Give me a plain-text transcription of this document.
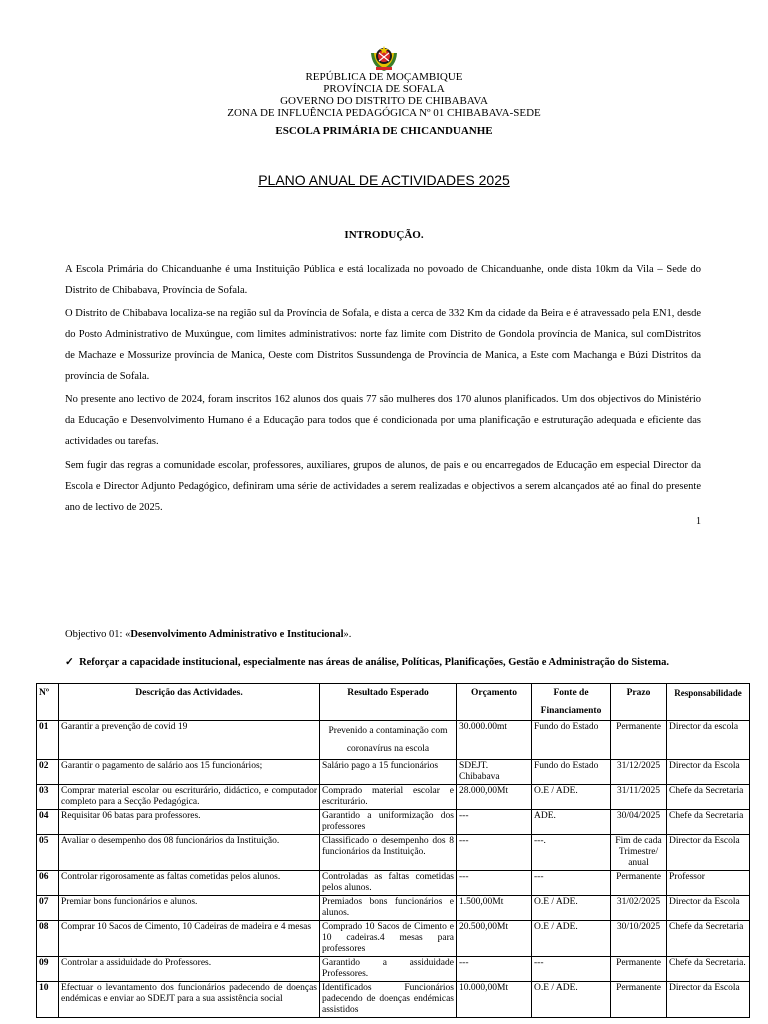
REPÚBLICA DE MOÇAMBIQUE
PROVÍNCIA DE SOFALA
GOVERNO DO DISTRITO DE CHIBABAVA
ZONA DE INFLUÊNCIA PEDAGÓGICA Nº 01 CHIBABAVA-SEDE
ESCOLA PRIMÁRIA DE CHICANDUANHE
PLANO ANUAL DE ACTIVIDADES 2025
INTRODUÇÃO.
A Escola Primária do Chicanduanhe é uma Instituição Pública e está localizada no povoado de Chicanduanhe, onde dista 10km da Vila – Sede do Distrito de Chibabava, Província de Sofala.
O Distrito de Chibabava localiza-se na região sul da Província de Sofala, e dista a cerca de 332 Km da cidade da Beira e é atravessado pela EN1, desde do Posto Administrativo de Muxúngue, com limites administrativos: norte faz limite com Distrito de Gondola província de Manica, sul comDistritos de Machaze e Mossurize província de Manica, Oeste com Distritos Sussundenga de Província de Manica, a Este com Machanga e Búzi Distritos da província de Sofala.
No presente ano lectivo de 2024, foram inscritos 162 alunos dos quais 77 são mulheres dos 170 alunos planificados. Um dos objectivos do Ministério da Educação e Desenvolvimento Humano é a Educação para todos que é condicionada por uma planificação e estruturação adequada e eficiente das actividades ou tarefas.
Sem fugir das regras a comunidade escolar, professores, auxiliares, grupos de alunos, de pais e ou encarregados de Educação em especial Director da Escola e Director Adjunto Pedagógico, definiram uma série de actividades a serem realizadas e objectivos a serem alcançados até ao final do presente ano de lectivo de 2025.
1
Objectivo 01: «Desenvolvimento Administrativo e Institucional».
✓ Reforçar a capacidade institucional, especialmente nas áreas de análise, Políticas, Planificações, Gestão e Administração do Sistema.
Nº	Descrição das Actividades.	Resultado Esperado	Orçamento	Fonte de Financiamento	Prazo	Responsabilidade
01	Garantir a prevenção de covid 19	Prevenido a contaminação com coronavírus na escola	30.000.00mt	Fundo do Estado	Permanente	Director da escola
02	Garantir o pagamento de salário aos 15 funcionários;	Salário pago a 15 funcionários	SDEJT. Chibabava	Fundo do Estado	31/12/2025	Director da Escola
03	Comprar material escolar ou escriturário, didáctico, e computador completo para a Secção Pedagógica.	Comprado material escolar e escriturário.	28.000,00Mt	O.E / ADE.	31/11/2025	Chefe da Secretaria
04	Requisitar 06 batas para professores.	Garantido a uniformização dos professores	---	ADE.	30/04/2025	Chefe da Secretaria
05	Avaliar o desempenho dos 08 funcionários da Instituição.	Classificado o desempenho dos 8 funcionários da Instituição.	---	---.	Fim de cada Trimestre/ anual	Director da Escola
06	Controlar rigorosamente as faltas cometidas pelos alunos.	Controladas as faltas cometidas pelos alunos.	---	---	Permanente	Professor
07	Premiar bons funcionários e alunos.	Premiados bons funcionários e alunos.	1.500,00Mt	O.E / ADE.	31/02/2025	Director da Escola
08	Comprar 10 Sacos de Cimento, 10 Cadeiras de madeira e 4 mesas	Comprado 10 Sacos de Cimento e 10 cadeiras.4 mesas para professores	20.500,00Mt	O.E / ADE.	30/10/2025	Chefe da Secretaria
09	Controlar a assiduidade do Professores.	Garantido a assiduidade Professores.	---	---	Permanente	Chefe da Secretaria.
10	Efectuar o levantamento dos funcionários padecendo de doenças endémicas e enviar ao SDEJT para a sua assistência social	Identificados Funcionários padecendo de doenças endémicas assistidos	10.000,00Mt	O.E / ADE.	Permanente	Director da Escola
